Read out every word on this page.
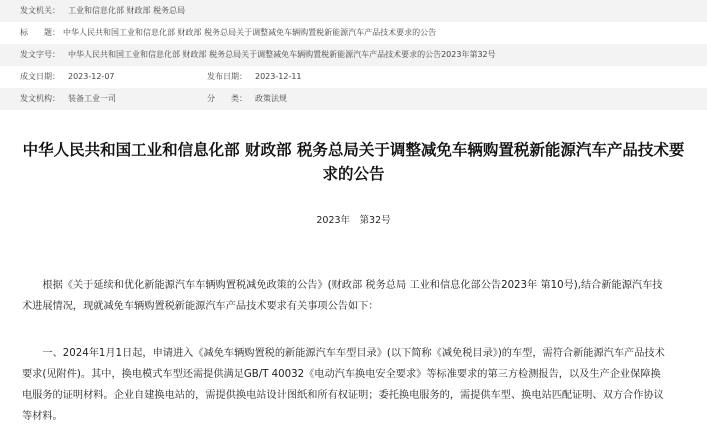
发文机关： 工业和信息化部 财政部 税务总局
标　　题： 中华人民共和国工业和信息化部 财政部 税务总局关于调整减免车辆购置税新能源汽车产品技术要求的公告
发文字号： 中华人民共和国工业和信息化部 财政部 税务总局关于调整减免车辆购置税新能源汽车产品技术要求的公告2023年第32号
成文日期： 2023-12-07	发布日期： 2023-12-11
发文机构： 装备工业一司	分　　类： 政策法规
中华人民共和国工业和信息化部 财政部 税务总局关于调整减免车辆购置税新能源汽车产品技术要求的公告
2023年　第32号

根据《关于延续和优化新能源汽车车辆购置税减免政策的公告》(财政部 税务总局 工业和信息化部公告2023年 第10号),结合新能源汽车技术进展情况，现就减免车辆购置税新能源汽车产品技术要求有关事项公告如下：

一、2024年1月1日起，申请进入《减免车辆购置税的新能源汽车车型目录》(以下简称《减免税目录》)的车型，需符合新能源汽车产品技术要求(见附件)。其中，换电模式车型还需提供满足GB/T 40032《电动汽车换电安全要求》等标准要求的第三方检测报告，以及生产企业保障换电服务的证明材料。企业自建换电站的，需提供换电站设计图纸和所有权证明；委托换电服务的，需提供车型、换电站匹配证明、双方合作协议等材料。
